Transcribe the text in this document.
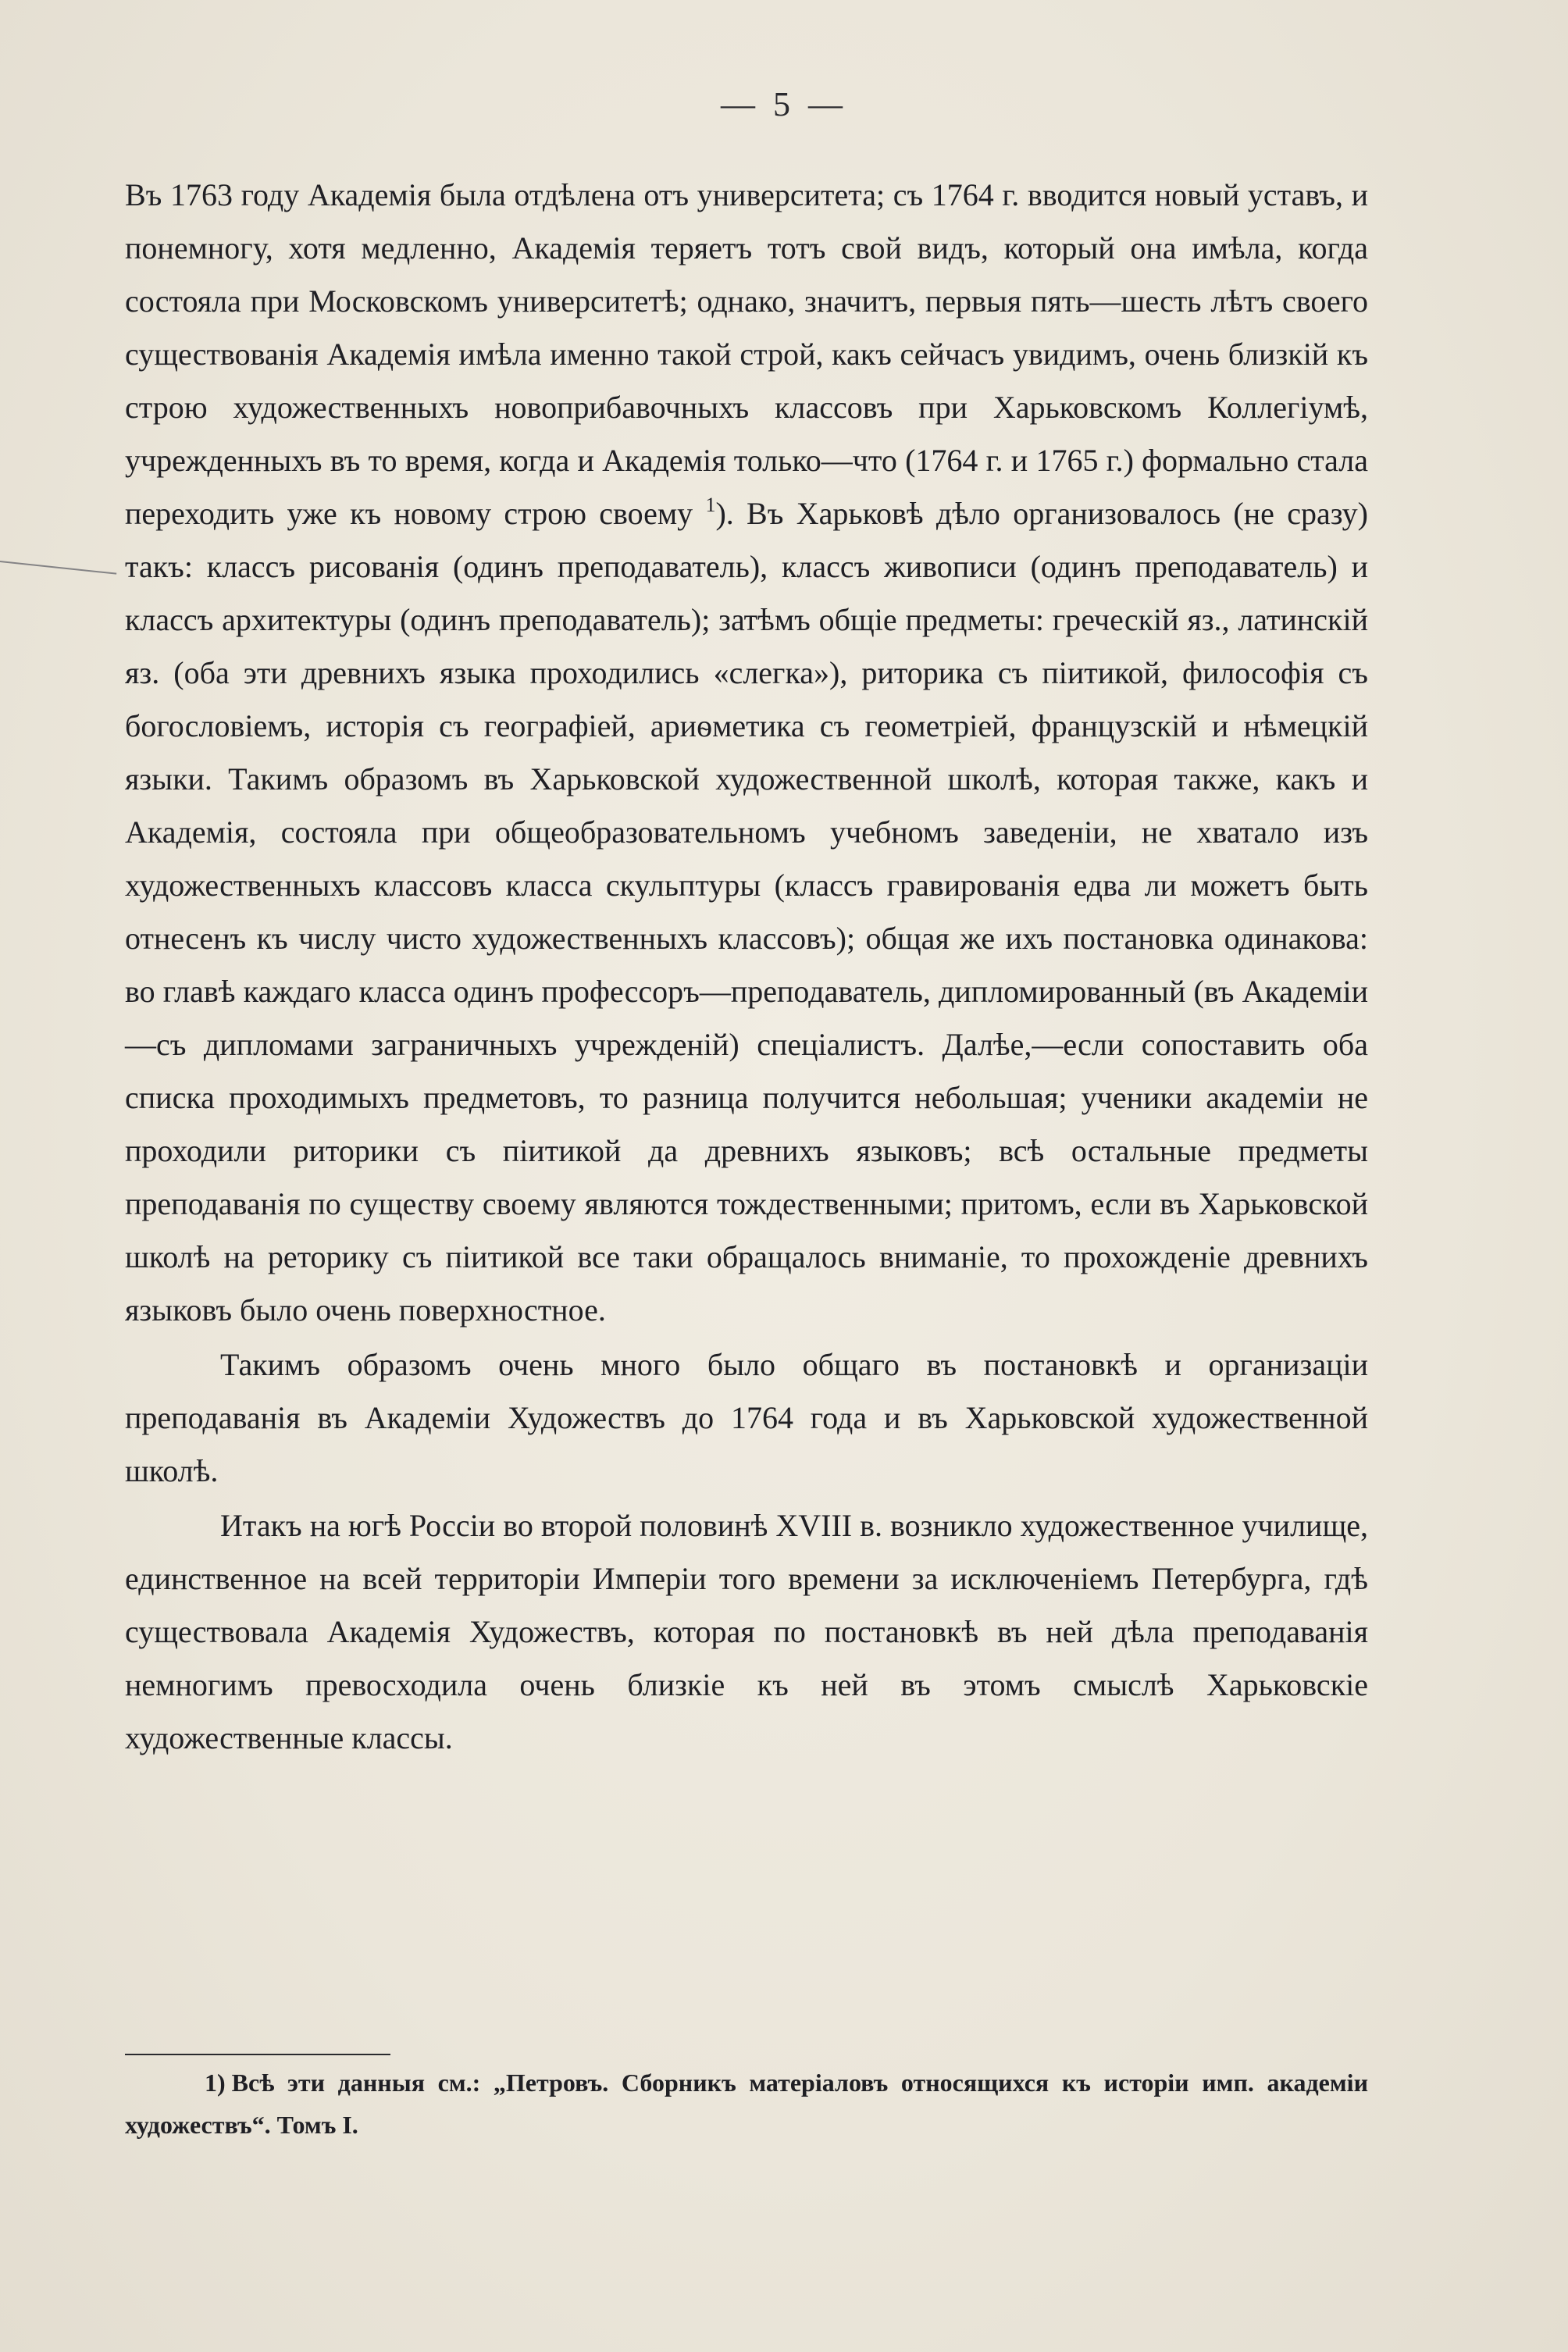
— 5 —

Въ 1763 году Академія была отдѣлена отъ университета; съ 1764 г. вводится новый уставъ, и понемногу, хотя медленно, Академія теряетъ тотъ свой видъ, который она имѣла, когда состояла при Московскомъ университетѣ; однако, значитъ, первыя пять—шесть лѣтъ своего существованія Академія имѣла именно такой строй, какъ сейчасъ увидимъ, очень близкій къ строю художественныхъ новоприбавочныхъ классовъ при Харьковскомъ Коллегіумѣ, учрежденныхъ въ то время, когда и Академія только—что (1764 г. и 1765 г.) формально стала переходить уже къ новому строю своему $^1$). Въ Харьковѣ дѣло организовалось (не сразу) такъ: классъ рисованія (одинъ преподаватель), классъ живописи (одинъ преподаватель) и классъ архитектуры (одинъ преподаватель); затѣмъ общіе предметы: греческій яз., латинскій яз. (оба эти древнихъ языка проходились «слегка»), риторика съ піитикой, философія съ богословіемъ, исторія съ географіей, ариѳметика съ геометріей, французскій и нѣмецкій языки. Такимъ образомъ въ Харьковской художественной школѣ, которая также, какъ и Академія, состояла при общеобразовательномъ учебномъ заведеніи, не хватало изъ художественныхъ классовъ класса скульптуры (классъ гравированія едва ли можетъ быть отнесенъ къ числу чисто художественныхъ классовъ); общая же ихъ постановка одинакова: во главѣ каждаго класса одинъ профессоръ—преподаватель, дипломированный (въ Академіи—съ дипломами заграничныхъ учрежденій) спеціалистъ. Далѣе,—если сопоставить оба списка проходимыхъ предметовъ, то разница получится небольшая; ученики академіи не проходили риторики съ піитикой да древнихъ языковъ; всѣ остальные предметы преподаванія по существу своему являются тождественными; притомъ, если въ Харьковской школѣ на реторику съ піитикой все таки обращалось вниманіе, то прохожденіе древнихъ языковъ было очень поверхностное.

Такимъ образомъ очень много было общаго въ постановкѣ и организаціи преподаванія въ Академіи Художествъ до 1764 года и въ Харьковской художественной школѣ.

Итакъ на югѣ Россіи во второй половинѣ XVIII в. возникло художественное училище, единственное на всей территоріи Имперіи того времени за исключеніемъ Петербурга, гдѣ существовала Академія Художествъ, которая по постановкѣ въ ней дѣла преподаванія немногимъ превосходила очень близкіе къ ней въ этомъ смыслѣ Харьковскіе художественные классы.

1) Всѣ эти данныя см.: „Петровъ. Сборникъ матеріаловъ относящихся къ исторіи имп. академіи художествъ“. Томъ I.
